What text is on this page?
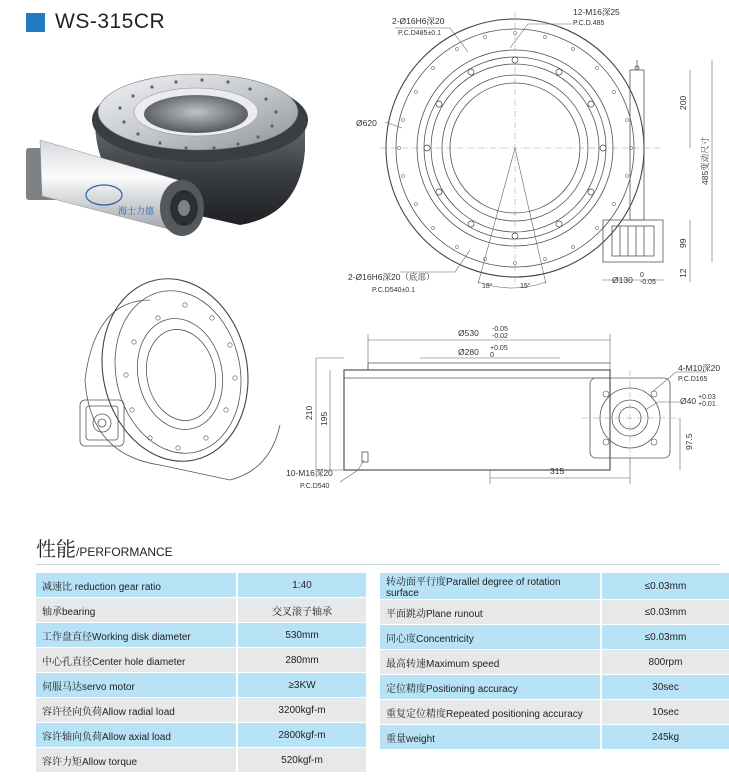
WS-315CR
海士力德
2-Ø16H6深20
P.C.D485±0.1
12-M16深25
P.C.D.485
Ø620
200
485变动尺寸
2-Ø16H6深20（底部）
P.C.D540±0.1
18°	15°
99
12
Ø130 0
-0.05
Ø530 -0.05
-0.02
Ø280 +0.05
0
210 195
315
10-M16深20
P.C.D540
4-M10深20
P.C.D165
Ø40 +0.03
+0.01
97.5
性能 /PERFORMANCE
减速比 reduction gear ratio	1:40
轴承bearing	交叉滚子轴承
工作盘直径Working disk diameter	530mm
中心孔直径Center hole diameter	280mm
伺服马达servo motor	≥3KW
容许径向负荷Allow radial load	3200kgf-m
容许轴向负荷Allow axial load	2800kgf-m
容许力矩Allow torque	520kgf-m
转动面平行度Parallel degree of rotation surface	≤0.03mm
平面跳动Plane runout	≤0.03mm
同心度Concentricity	≤0.03mm
最高转速Maximum speed	800rpm
定位精度Positioning accuracy	30sec
重复定位精度Repeated positioning accuracy	10sec
重量weight	245kg
